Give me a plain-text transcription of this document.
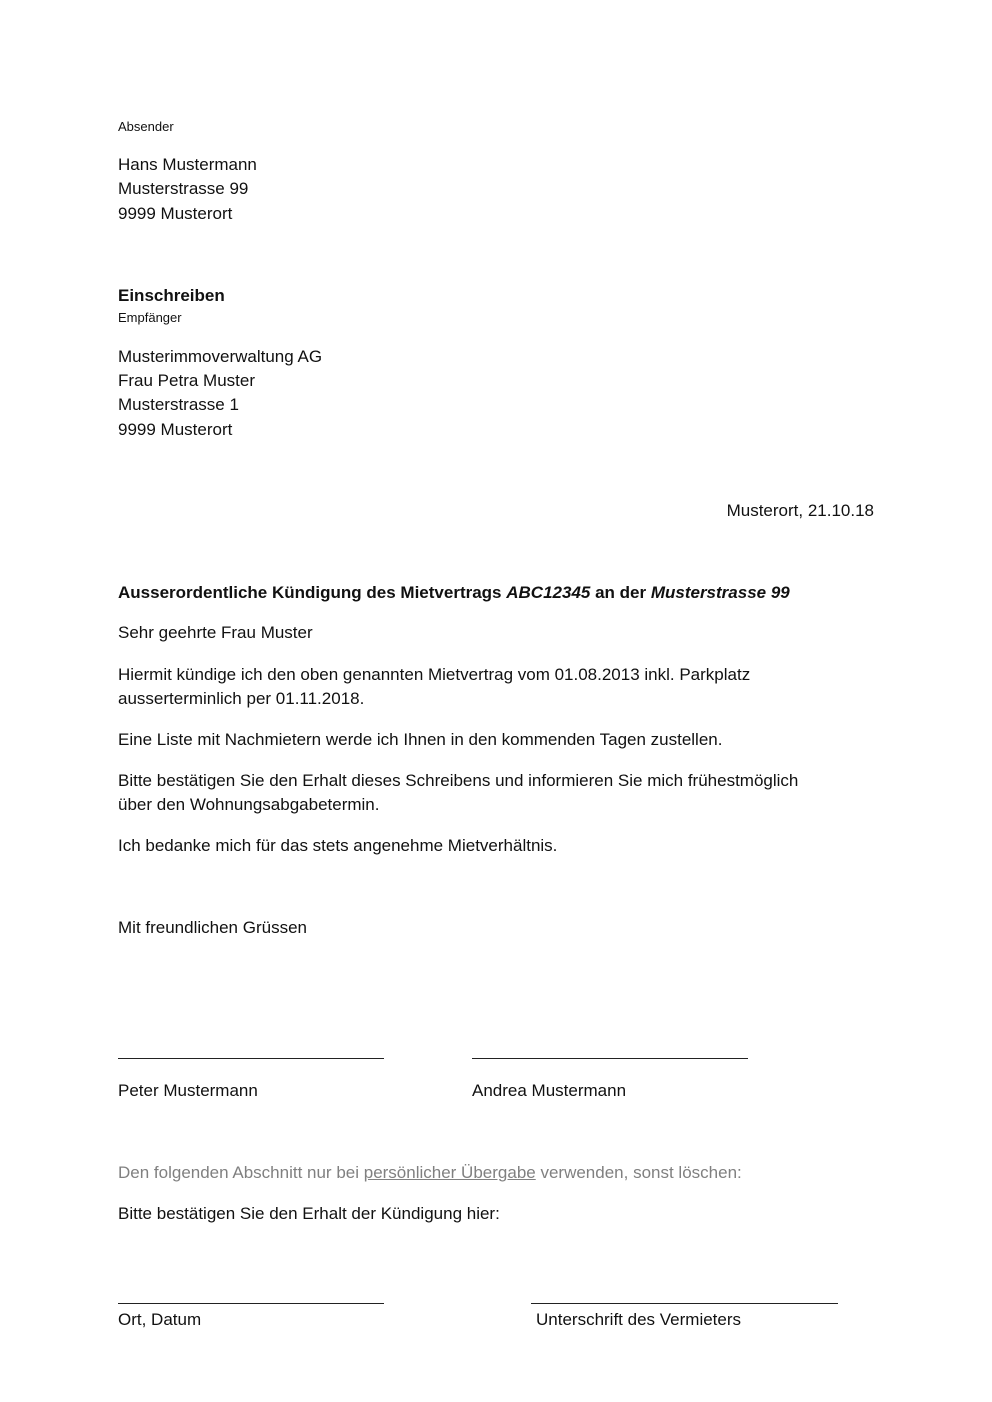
Absender
Hans Mustermann
Musterstrasse 99
9999 Musterort
Einschreiben
Empfänger
Musterimmoverwaltung AG
Frau Petra Muster
Musterstrasse 1
9999 Musterort
Musterort, 21.10.18
Ausserordentliche Kündigung des Mietvertrags ABC12345 an der Musterstrasse 99
Sehr geehrte Frau Muster
Hiermit kündige ich den oben genannten Mietvertrag vom 01.08.2013 inkl. Parkplatz
ausserterminlich per 01.11.2018.
Eine Liste mit Nachmietern werde ich Ihnen in den kommenden Tagen zustellen.
Bitte bestätigen Sie den Erhalt dieses Schreibens und informieren Sie mich frühestmöglich
über den Wohnungsabgabetermin.
Ich bedanke mich für das stets angenehme Mietverhältnis.
Mit freundlichen Grüssen
Peter Mustermann	Andrea Mustermann
Den folgenden Abschnitt nur bei persönlicher Übergabe verwenden, sonst löschen:
Bitte bestätigen Sie den Erhalt der Kündigung hier:
Ort, Datum	Unterschrift des Vermieters
